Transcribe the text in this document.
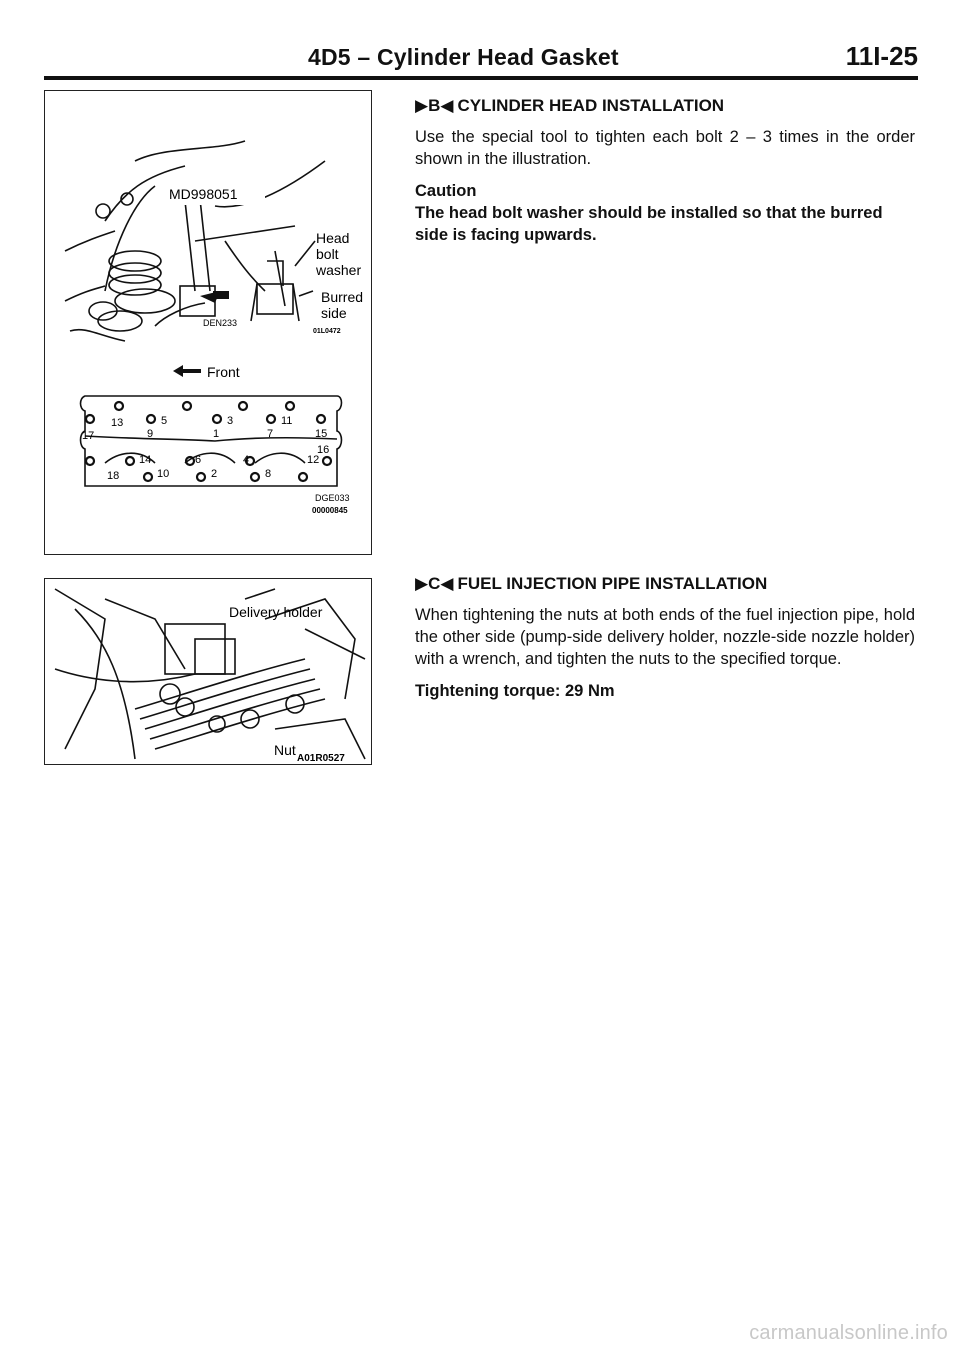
4D5 – Cylinder Head Gasket	11I-25
MD998051
Head
bolt
washer
Burred
side
DEN233
01L0472
Front
13	5	3	11
17	9	1	7	15
16
14	6	4	12
18	10	2	8
DGE033
00000845
Delivery holder
Nut
A01R0527
▶ B ◀ CYLINDER HEAD INSTALLATION

Use the special tool to tighten each bolt 2 – 3 times in the order shown in the illustration.

Caution

The head bolt washer should be installed so that the burred side is facing upwards.

▶ C ◀ FUEL INJECTION PIPE INSTALLATION

When tightening the nuts at both ends of the fuel injection pipe, hold the other side (pump-side delivery holder, nozzle-side nozzle holder) with a wrench, and tighten the nuts to the specified torque.

Tightening torque: 29 Nm
carmanualsonline.info
